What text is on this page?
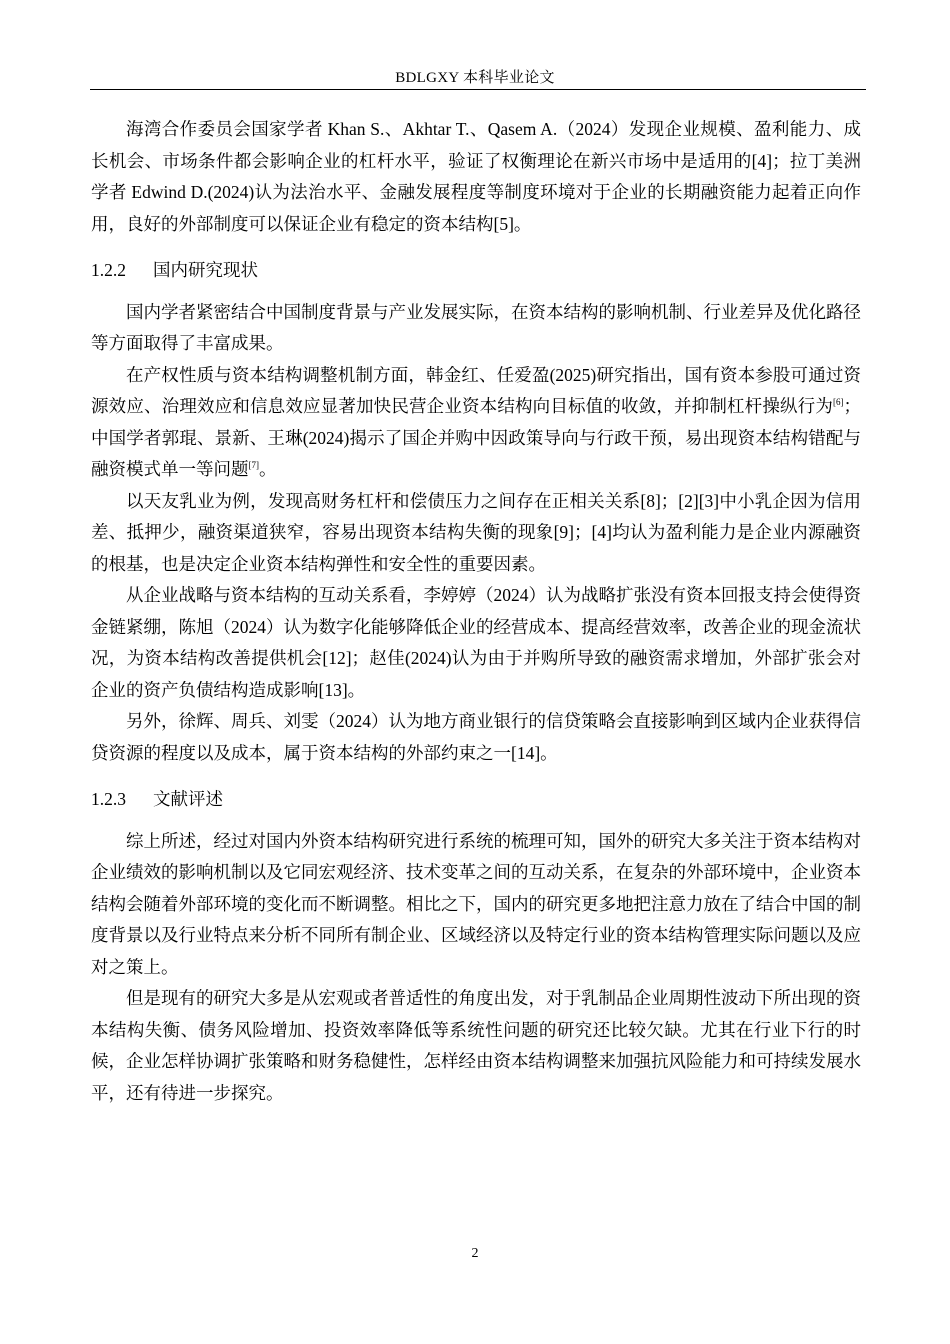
BDLGXY 本科毕业论文

海湾合作委员会国家学者 Khan S.、Akhtar T.、Qasem A.（2024）发现企业规模、盈利能力、成长机会、市场条件都会影响企业的杠杆水平，验证了权衡理论在新兴市场中是适用的[4]；拉丁美洲学者 Edwind D.(2024)认为法治水平、金融发展程度等制度环境对于企业的长期融资能力起着正向作用，良好的外部制度可以保证企业有稳定的资本结构[5]。

1.2.2	国内研究现状

国内学者紧密结合中国制度背景与产业发展实际，在资本结构的影响机制、行业差异及优化路径等方面取得了丰富成果。

在产权性质与资本结构调整机制方面，韩金红、任爱盈(2025)研究指出，国有资本参股可通过资源效应、治理效应和信息效应显著加快民营企业资本结构向目标值的收敛，并抑制杠杆操纵行为[6]；中国学者郭琨、景新、王琳(2024)揭示了国企并购中因政策导向与行政干预，易出现资本结构错配与融资模式单一等问题[7]。

以天友乳业为例，发现高财务杠杆和偿债压力之间存在正相关关系[8]；[2][3]中小乳企因为信用差、抵押少，融资渠道狭窄，容易出现资本结构失衡的现象[9]；[4]均认为盈利能力是企业内源融资的根基，也是决定企业资本结构弹性和安全性的重要因素。

从企业战略与资本结构的互动关系看，李婷婷（2024）认为战略扩张没有资本回报支持会使得资金链紧绷，陈旭（2024）认为数字化能够降低企业的经营成本、提高经营效率，改善企业的现金流状况，为资本结构改善提供机会[12]；赵佳(2024)认为由于并购所导致的融资需求增加，外部扩张会对企业的资产负债结构造成影响[13]。

另外，徐辉、周兵、刘雯（2024）认为地方商业银行的信贷策略会直接影响到区域内企业获得信贷资源的程度以及成本，属于资本结构的外部约束之一[14]。

1.2.3	文献评述

综上所述，经过对国内外资本结构研究进行系统的梳理可知，国外的研究大多关注于资本结构对企业绩效的影响机制以及它同宏观经济、技术变革之间的互动关系，在复杂的外部环境中，企业资本结构会随着外部环境的变化而不断调整。相比之下，国内的研究更多地把注意力放在了结合中国的制度背景以及行业特点来分析不同所有制企业、区域经济以及特定行业的资本结构管理实际问题以及应对之策上。

但是现有的研究大多是从宏观或者普适性的角度出发，对于乳制品企业周期性波动下所出现的资本结构失衡、债务风险增加、投资效率降低等系统性问题的研究还比较欠缺。尤其在行业下行的时候，企业怎样协调扩张策略和财务稳健性，怎样经由资本结构调整来加强抗风险能力和可持续发展水平，还有待进一步探究。

2
